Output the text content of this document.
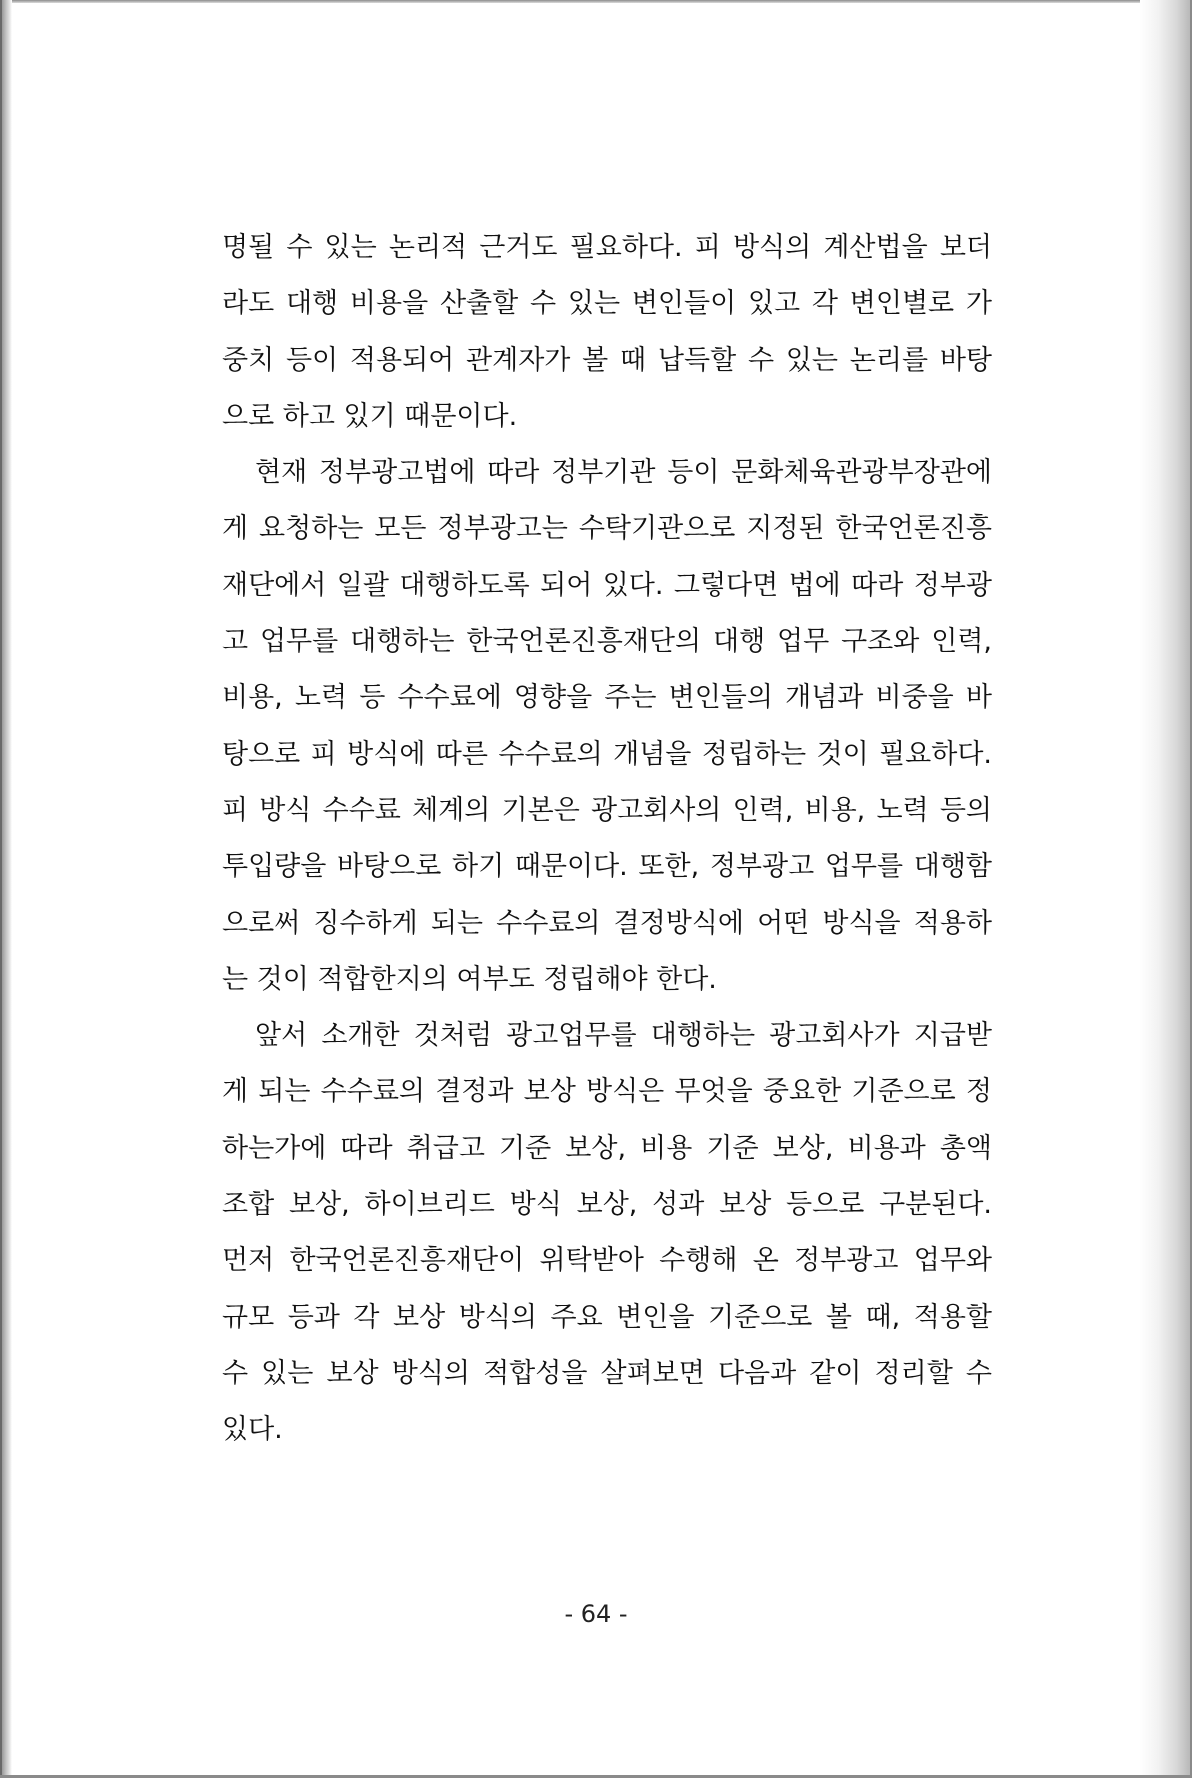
명될 수 있는 논리적 근거도 필요하다. 피 방식의 계산법을 보더
라도 대행 비용을 산출할 수 있는 변인들이 있고 각 변인별로 가
중치 등이 적용되어 관계자가 볼 때 납득할 수 있는 논리를 바탕
으로 하고 있기 때문이다.
현재 정부광고법에 따라 정부기관 등이 문화체육관광부장관에
게 요청하는 모든 정부광고는 수탁기관으로 지정된 한국언론진흥
재단에서 일괄 대행하도록 되어 있다. 그렇다면 법에 따라 정부광
고 업무를 대행하는 한국언론진흥재단의 대행 업무 구조와 인력,
비용, 노력 등 수수료에 영향을 주는 변인들의 개념과 비중을 바
탕으로 피 방식에 따른 수수료의 개념을 정립하는 것이 필요하다.
피 방식 수수료 체계의 기본은 광고회사의 인력, 비용, 노력 등의
투입량을 바탕으로 하기 때문이다. 또한, 정부광고 업무를 대행함
으로써 징수하게 되는 수수료의 결정방식에 어떤 방식을 적용하
는 것이 적합한지의 여부도 정립해야 한다.
앞서 소개한 것처럼 광고업무를 대행하는 광고회사가 지급받
게 되는 수수료의 결정과 보상 방식은 무엇을 중요한 기준으로 정
하는가에 따라 취급고 기준 보상, 비용 기준 보상, 비용과 총액
조합 보상, 하이브리드 방식 보상, 성과 보상 등으로 구분된다.
먼저 한국언론진흥재단이 위탁받아 수행해 온 정부광고 업무와
규모 등과 각 보상 방식의 주요 변인을 기준으로 볼 때, 적용할
수 있는 보상 방식의 적합성을 살펴보면 다음과 같이 정리할 수
있다.
- 64 -
